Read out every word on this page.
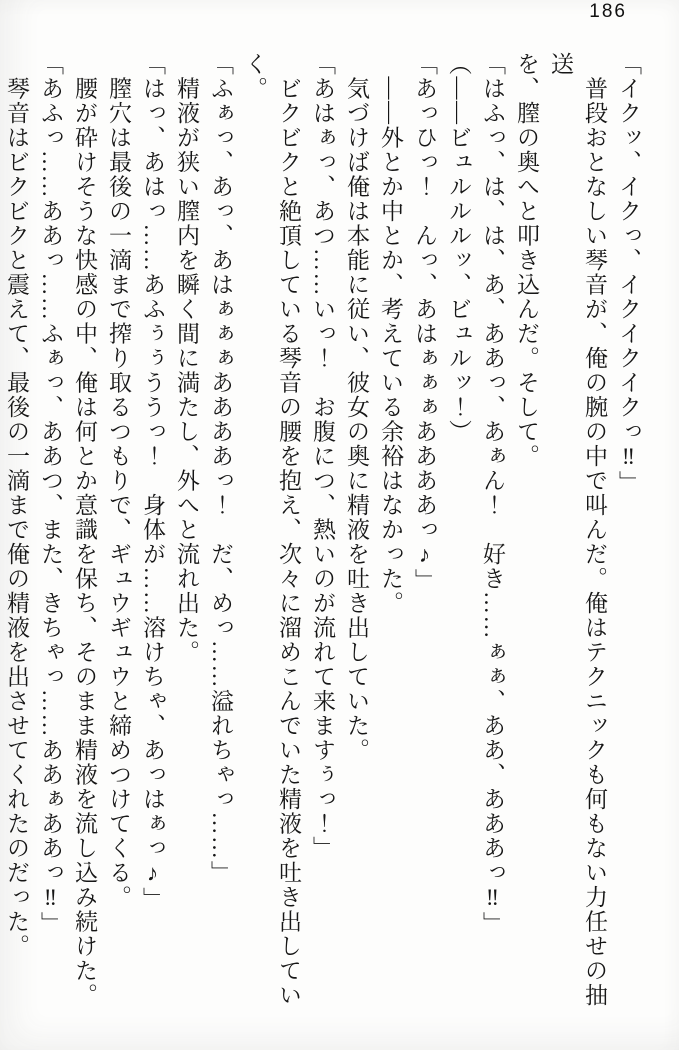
186

「イクッ、イクっ、イクイクイクっ‼」

　普段おとなしい琴音が、俺の腕の中で叫んだ。俺はテクニックも何もない力任せの抽送

を、膣の奥へと叩き込んだ。そして。

「はふっ、は、は、あ、ああっ、あぁん！　好き……ぁぁ、ああ、あああっ‼」

（――ビュルルルッ、ビュルッ！）

「あっひっ！　んっ、あはぁぁぁああああっ♪」

　――外とか中とか、考えている余裕はなかった。

　気づけば俺は本能に従い、彼女の奥に精液を吐き出していた。

「あはぁっ、あつ……いっ！　お腹につ、熱いのが流れて来ますぅっ！」

　ビクビクと絶頂している琴音の腰を抱え、次々に溜めこんでいた精液を吐き出していく。

「ふぁっ、あっ、あはぁぁぁああああっ！　だ、めっ……溢れちゃっ……」

　精液が狭い膣内を瞬く間に満たし、外へと流れ出た。

「はっ、あはっ……あふぅぅううっ！　身体が……溶けちゃ、あっはぁっ♪」

　膣穴は最後の一滴まで搾り取るつもりで、ギュウギュウと締めつけてくる。

　腰が砕けそうな快感の中、俺は何とか意識を保ち、そのまま精液を流し込み続けた。

「あふっ……ああっ……ふぁっ、ああつ、また、きちゃっ……ああぁああっ‼」

　琴音はビクビクと震えて、最後の一滴まで俺の精液を出させてくれたのだった。
